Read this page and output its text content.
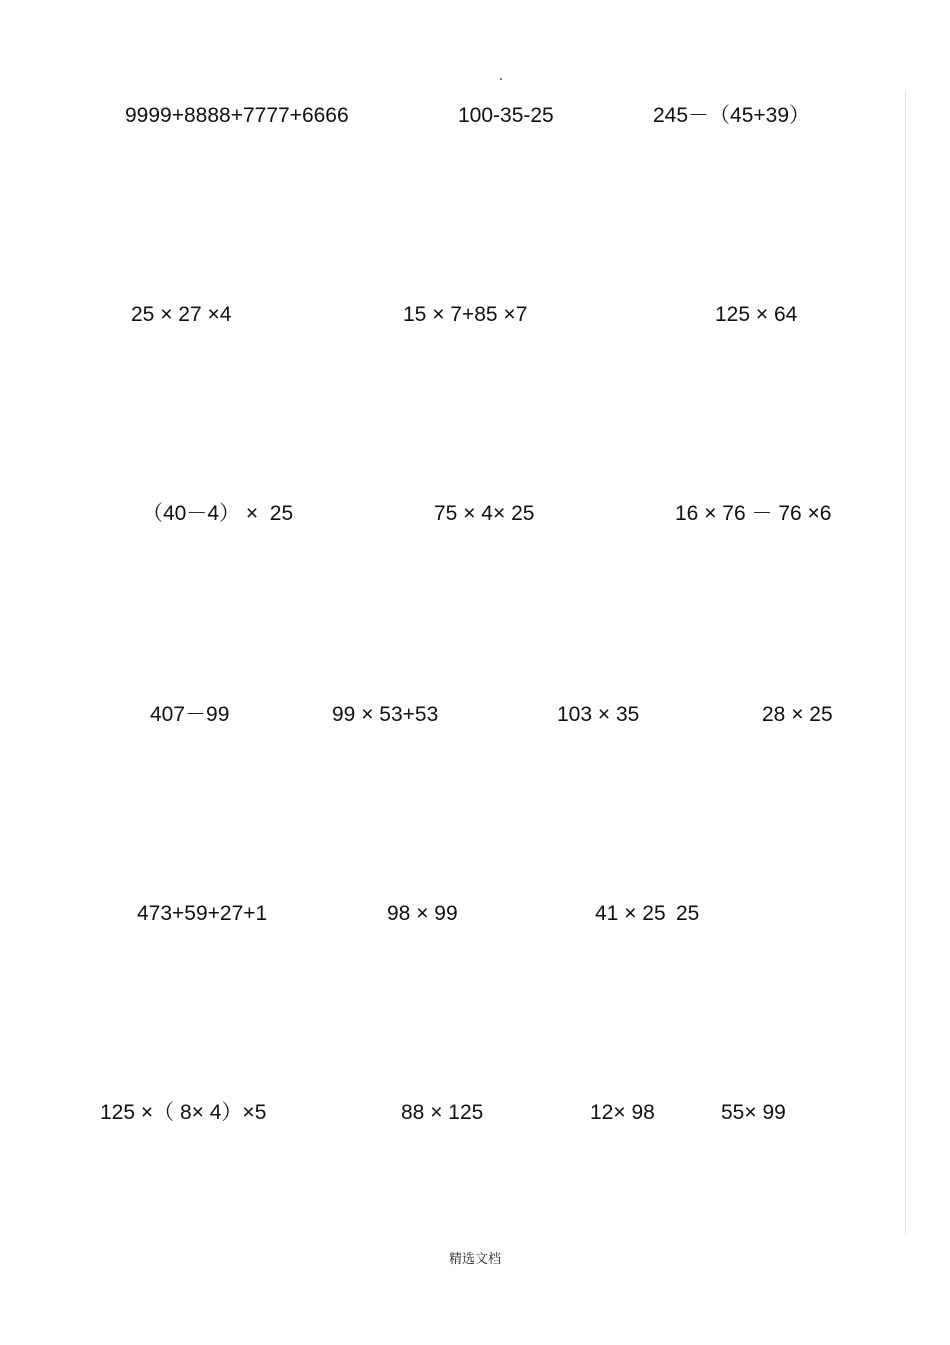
9999+8888+7777+6666	100-35-25	245－（45+39）
25 × 27 ×4	15 × 7+85 ×7	125 × 64
（40－4） ×  25	75 × 4× 25	16 × 76 － 76 ×6
407－99	99 × 53+53	103 × 35	28 × 25
473+59+27+1	98 × 99	41 × 25 25
125 ×（ 8× 4）×5	88 × 125	12× 98	55× 99
精选文档
